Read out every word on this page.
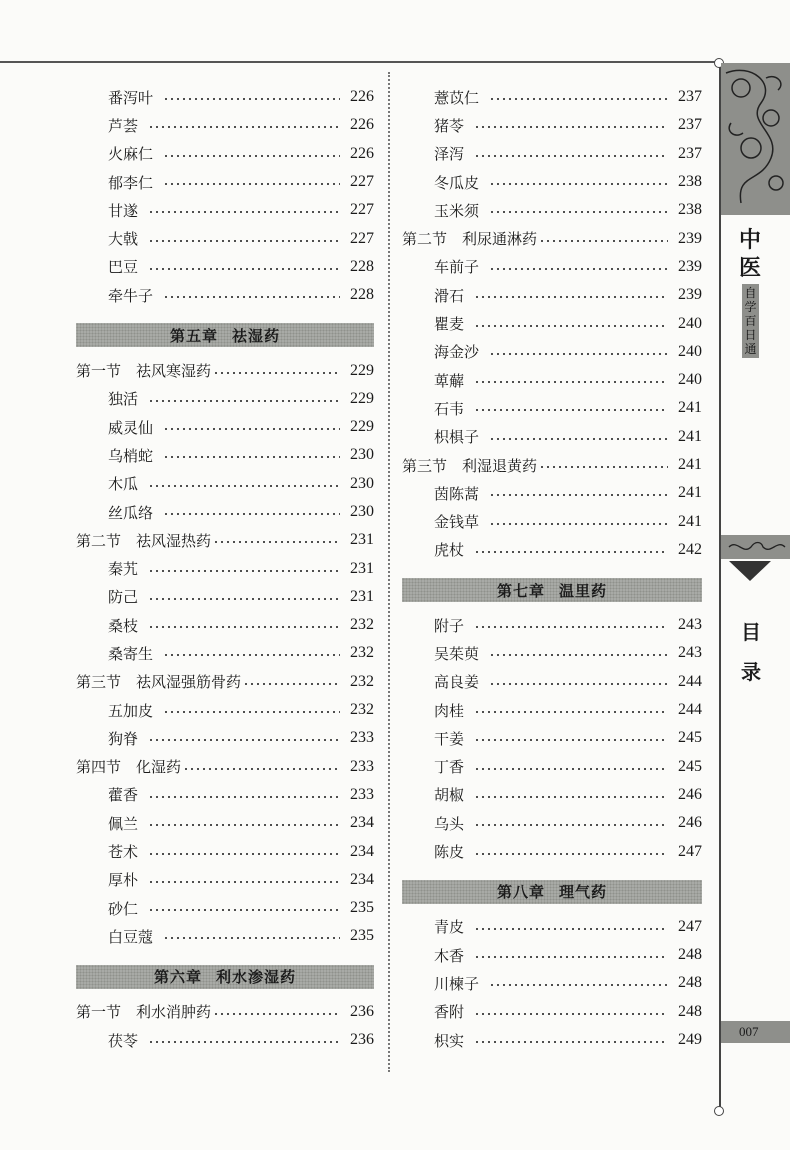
番泻叶	226
芦荟	226
火麻仁	226
郁李仁	227
甘遂	227
大戟	227
巴豆	228
牵牛子	228
第五章 祛湿药
第一节　祛风寒湿药	229
独活	229
威灵仙	229
乌梢蛇	230
木瓜	230
丝瓜络	230
第二节　祛风湿热药	231
秦艽	231
防己	231
桑枝	232
桑寄生	232
第三节　祛风湿强筋骨药	232
五加皮	232
狗脊	233
第四节　化湿药	233
藿香	233
佩兰	234
苍术	234
厚朴	234
砂仁	235
白豆蔻	235
第六章 利水渗湿药
第一节　利水消肿药	236
茯苓	236
薏苡仁	237
猪苓	237
泽泻	237
冬瓜皮	238
玉米须	238
第二节　利尿通淋药	239
车前子	239
滑石	239
瞿麦	240
海金沙	240
萆薢	240
石韦	241
枳椇子	241
第三节　利湿退黄药	241
茵陈蒿	241
金钱草	241
虎杖	242
第七章 温里药
附子	243
吴茱萸	243
高良姜	244
肉桂	244
干姜	245
丁香	245
胡椒	246
乌头	246
陈皮	247
第八章 理气药
青皮	247
木香	248
川楝子	248
香附	248
枳实	249
中医
自学百日通
目录
007
